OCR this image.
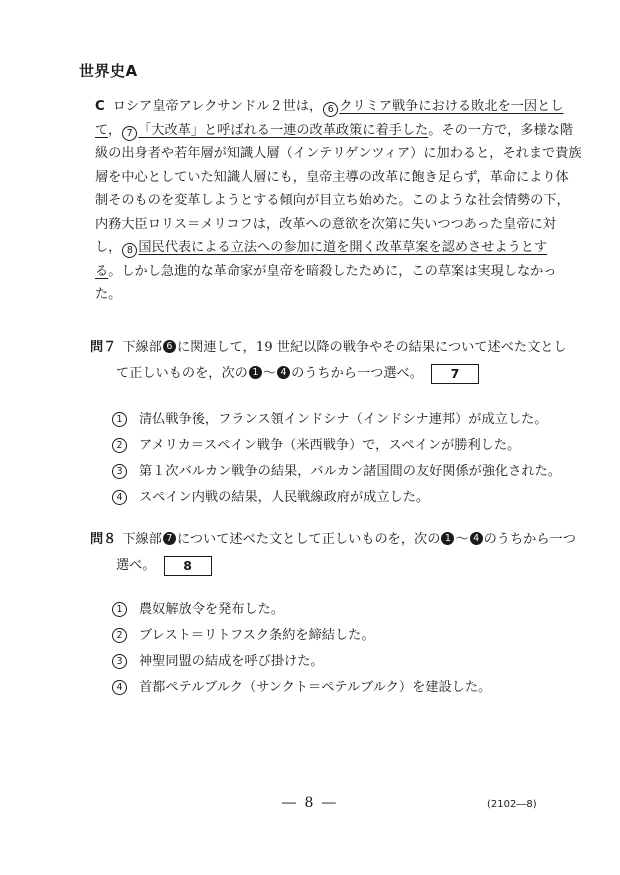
世界史A
C ロシア皇帝アレクサンドル２世は， 6 クリミア戦争における敗北を一因とし
て， 7 「大改革」と呼ばれる一連の改革政策に着手した。その一方で，多様な階
級の出身者や若年層が知識人層（インテリゲンツィア）に加わると，それまで貴族
層を中心としていた知識人層にも，皇帝主導の改革に飽き足らず，革命により体
制そのものを変革しようとする傾向が目立ち始めた。このような社会情勢の下，
内務大臣ロリス＝メリコフは，改革への意欲を次第に失いつつあった皇帝に対
し， 8 国民代表による立法への参加に道を開く改革草案を認めさせようとす
る。しかし急進的な革命家が皇帝を暗殺したために，この草案は実現しなかっ
た。
問７ 下線部 6 に関連して，19 世紀以降の戦争やその結果について述べた文とし
て正しいものを，次の 1 ～ 4 のうちから一つ選べ。 7
1 清仏戦争後，フランス領インドシナ（インドシナ連邦）が成立した。
2 アメリカ＝スペイン戦争（米西戦争）で，スペインが勝利した。
3 第１次バルカン戦争の結果，バルカン諸国間の友好関係が強化された。
4 スペイン内戦の結果，人民戦線政府が成立した。
問８ 下線部 7 について述べた文として正しいものを，次の 1 ～ 4 のうちから一つ
選べ。 8
1 農奴解放令を発布した。
2 ブレスト＝リトフスク条約を締結した。
3 神聖同盟の結成を呼び掛けた。
4 首都ペテルブルク（サンクト＝ペテルブルク）を建設した。
― 8 ―	(2102―8)
